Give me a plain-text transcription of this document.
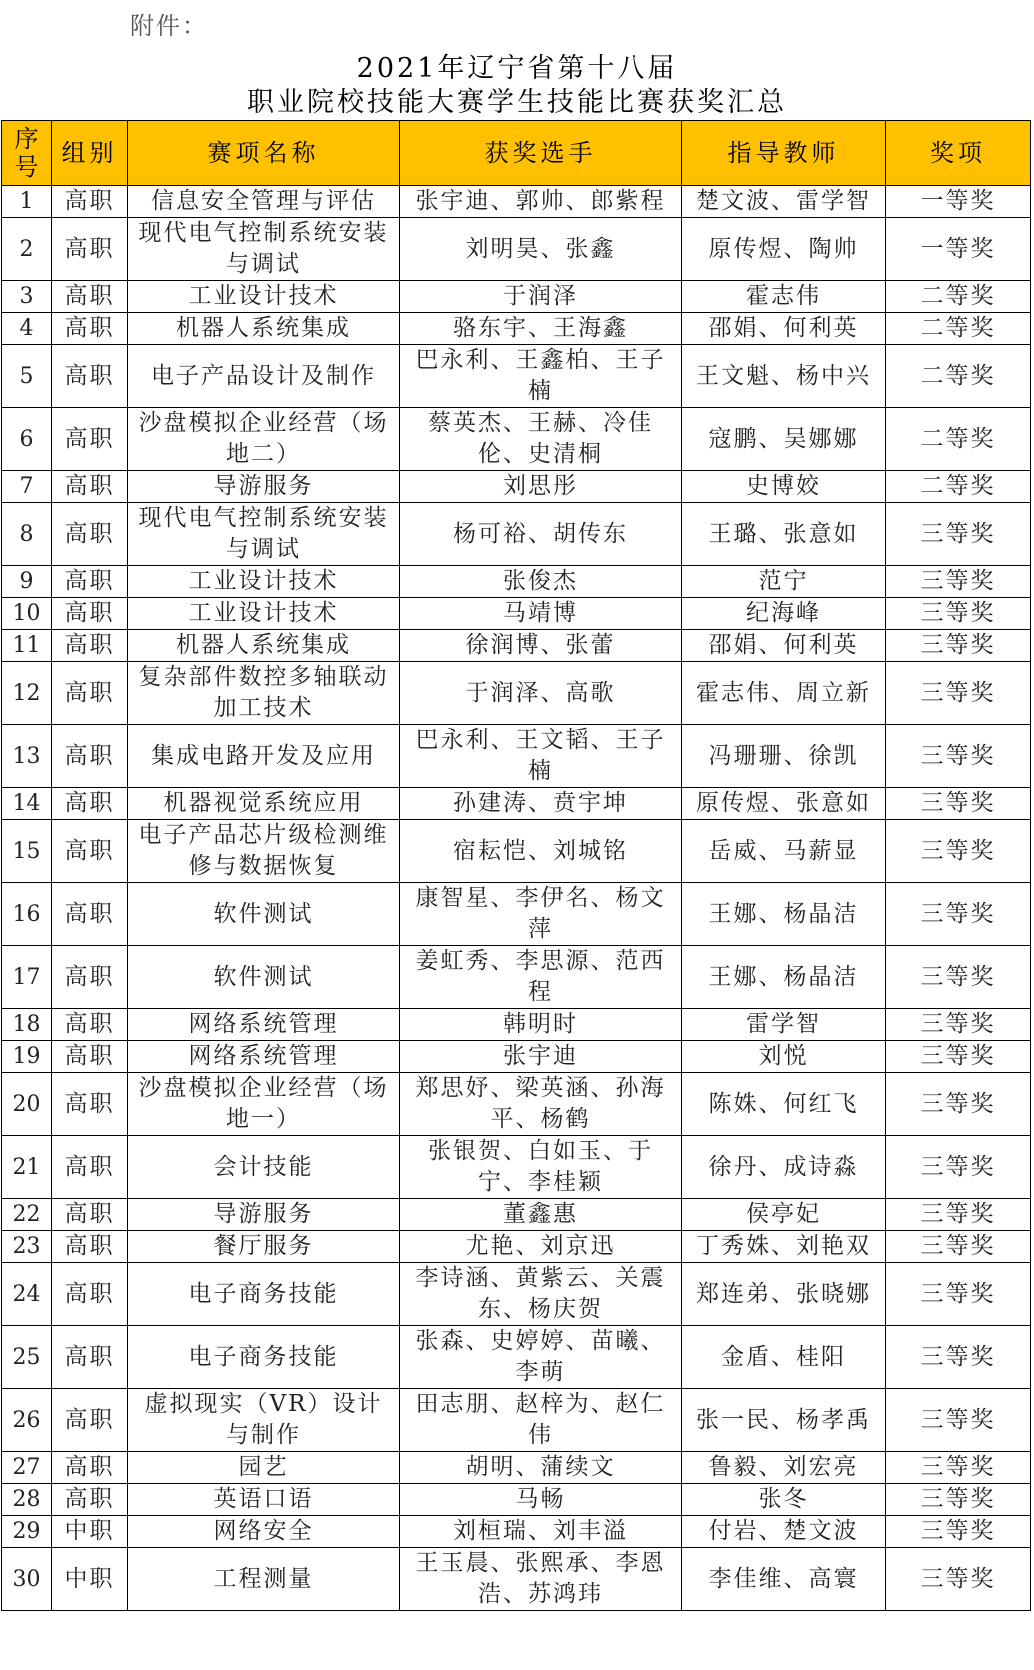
附件：
2021年辽宁省第十八届
职业院校技能大赛学生技能比赛获奖汇总
序号	组别	赛项名称	获奖选手	指导教师	奖项
1	高职	信息安全管理与评估	张宇迪、郭帅、郎紫程	楚文波、雷学智	一等奖
2	高职	现代电气控制系统安装与调试	刘明昊、张鑫	原传煜、陶帅	一等奖
3	高职	工业设计技术	于润泽	霍志伟	二等奖
4	高职	机器人系统集成	骆东宇、王海鑫	邵娟、何利英	二等奖
5	高职	电子产品设计及制作	巴永利、王鑫柏、王子楠	王文魁、杨中兴	二等奖
6	高职	沙盘模拟企业经营（场地二）	蔡英杰、王赫、冷佳伦、史清桐	寇鹏、吴娜娜	二等奖
7	高职	导游服务	刘思彤	史博姣	二等奖
8	高职	现代电气控制系统安装与调试	杨可裕、胡传东	王璐、张意如	三等奖
9	高职	工业设计技术	张俊杰	范宁	三等奖
10	高职	工业设计技术	马靖博	纪海峰	三等奖
11	高职	机器人系统集成	徐润博、张蕾	邵娟、何利英	三等奖
12	高职	复杂部件数控多轴联动加工技术	于润泽、高歌	霍志伟、周立新	三等奖
13	高职	集成电路开发及应用	巴永利、王文韬、王子楠	冯珊珊、徐凯	三等奖
14	高职	机器视觉系统应用	孙建涛、贲宇坤	原传煜、张意如	三等奖
15	高职	电子产品芯片级检测维修与数据恢复	宿耘恺、刘城铭	岳威、马薪显	三等奖
16	高职	软件测试	康智星、李伊名、杨文萍	王娜、杨晶洁	三等奖
17	高职	软件测试	姜虹秀、李思源、范西程	王娜、杨晶洁	三等奖
18	高职	网络系统管理	韩明时	雷学智	三等奖
19	高职	网络系统管理	张宇迪	刘悦	三等奖
20	高职	沙盘模拟企业经营（场地一）	郑思妤、梁英涵、孙海平、杨鹤	陈姝、何红飞	三等奖
21	高职	会计技能	张银贺、白如玉、于宁、李桂颖	徐丹、成诗淼	三等奖
22	高职	导游服务	董鑫惠	侯亭妃	三等奖
23	高职	餐厅服务	尤艳、刘京迅	丁秀姝、刘艳双	三等奖
24	高职	电子商务技能	李诗涵、黄紫云、关震东、杨庆贺	郑连弟、张晓娜	三等奖
25	高职	电子商务技能	张森、史婷婷、苗曦、李萌	金盾、桂阳	三等奖
26	高职	虚拟现实（VR）设计与制作	田志朋、赵梓为、赵仁伟	张一民、杨孝禹	三等奖
27	高职	园艺	胡明、蒲续文	鲁毅、刘宏亮	三等奖
28	高职	英语口语	马畅	张冬	三等奖
29	中职	网络安全	刘桓瑞、刘丰溢	付岩、楚文波	三等奖
30	中职	工程测量	王玉晨、张熙承、李恩浩、苏鸿玮	李佳维、高寰	三等奖
